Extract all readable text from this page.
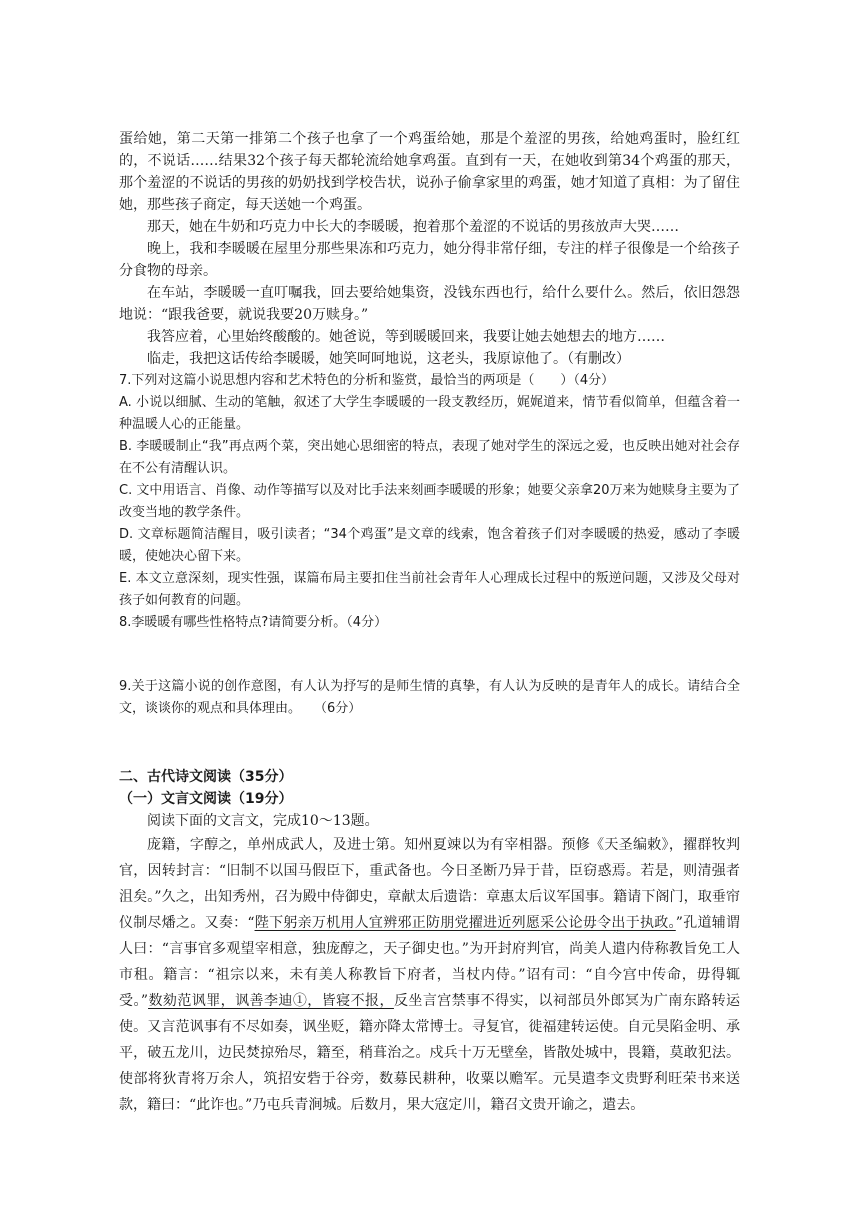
蛋给她，第二天第一排第二个孩子也拿了一个鸡蛋给她，那是个羞涩的男孩，给她鸡蛋时，脸红红的，不说话……结果32个孩子每天都轮流给她拿鸡蛋。直到有一天，在她收到第34个鸡蛋的那天，那个羞涩的不说话的男孩的奶奶找到学校告状，说孙子偷拿家里的鸡蛋，她才知道了真相：为了留住她，那些孩子商定，每天送她一个鸡蛋。

那天，她在牛奶和巧克力中长大的李暖暖，抱着那个羞涩的不说话的男孩放声大哭……

晚上，我和李暖暖在屋里分那些果冻和巧克力，她分得非常仔细，专注的样子很像是一个给孩子分食物的母亲。

在车站，李暖暖一直叮嘱我，回去要给她集资，没钱东西也行，给什么要什么。然后，依旧怨怨地说：“跟我爸要，就说我要20万赎身。”

我答应着，心里始终酸酸的。她爸说，等到暖暖回来，我要让她去她想去的地方……

临走，我把这话传给李暖暖，她笑呵呵地说，这老头，我原谅他了。（有删改）

7.下列对这篇小说思想内容和艺术特色的分析和鉴赏，最恰当的两项是（　　）（4分）

A. 小说以细腻、生动的笔触，叙述了大学生李暖暖的一段支教经历，娓娓道来，情节看似简单，但蕴含着一种温暖人心的正能量。

B. 李暖暖制止“我”再点两个菜，突出她心思细密的特点，表现了她对学生的深远之爱，也反映出她对社会存在不公有清醒认识。

C. 文中用语言、肖像、动作等描写以及对比手法来刻画李暖暖的形象；她要父亲拿20万来为她赎身主要为了改变当地的教学条件。

D. 文章标题简洁醒目，吸引读者；“34个鸡蛋”是文章的线索，饱含着孩子们对李暖暖的热爱，感动了李暖暖，使她决心留下来。

E. 本文立意深刻，现实性强，谋篇布局主要扣住当前社会青年人心理成长过程中的叛逆问题，又涉及父母对孩子如何教育的问题。

8.李暖暖有哪些性格特点?请简要分析。（4分）

9.关于这篇小说的创作意图，有人认为抒写的是师生情的真挚，有人认为反映的是青年人的成长。请结合全文，谈谈你的观点和具体理由。　　（6分）

二、古代诗文阅读（35分）

（一）文言文阅读（19分）

阅读下面的文言文，完成10～13题。

庞籍，字醇之，单州成武人，及进士第。知州夏竦以为有宰相器。预修《天圣编敕》，擢群牧判官，因转封言：“旧制不以国马假臣下，重武备也。今日圣断乃异于昔，臣窃惑焉。若是，则清强者沮矣。”久之，出知秀州，召为殿中侍御史，章献太后遗诰：章惠太后议军国事。籍请下阁门，取垂帘仪制尽燔之。又奏：“陛下躬亲万机用人宜辨邪正防朋党擢进近列愿采公论毋令出于执政。”孔道辅谓人曰：“言事官多观望宰相意，独庞醇之，天子御史也。”为开封府判官，尚美人遣内侍称教旨免工人市租。籍言：“祖宗以来，未有美人称教旨下府者，当杖内侍。”诏有司：“自今宫中传命，毋得辄受。”数劾范讽罪，讽善李迪①，皆寝不报，反坐言宫禁事不得实，以祠部员外郎冥为广南东路转运使。又言范讽事有不尽如奏，讽坐贬，籍亦降太常博士。寻复官，徙福建转运使。自元昊陷金明、承平，破五龙川，边民焚掠殆尽，籍至，稍葺治之。戍兵十万无壁垒，皆散处城中，畏籍，莫敢犯法。使部将狄青将万余人，筑招安砦于谷旁，数募民耕种，收粟以赡军。元昊遣李文贵野利旺荣书来送款，籍曰：“此诈也。”乃屯兵青涧城。后数月，果大寇定川，籍召文贵开谕之，遣去。
